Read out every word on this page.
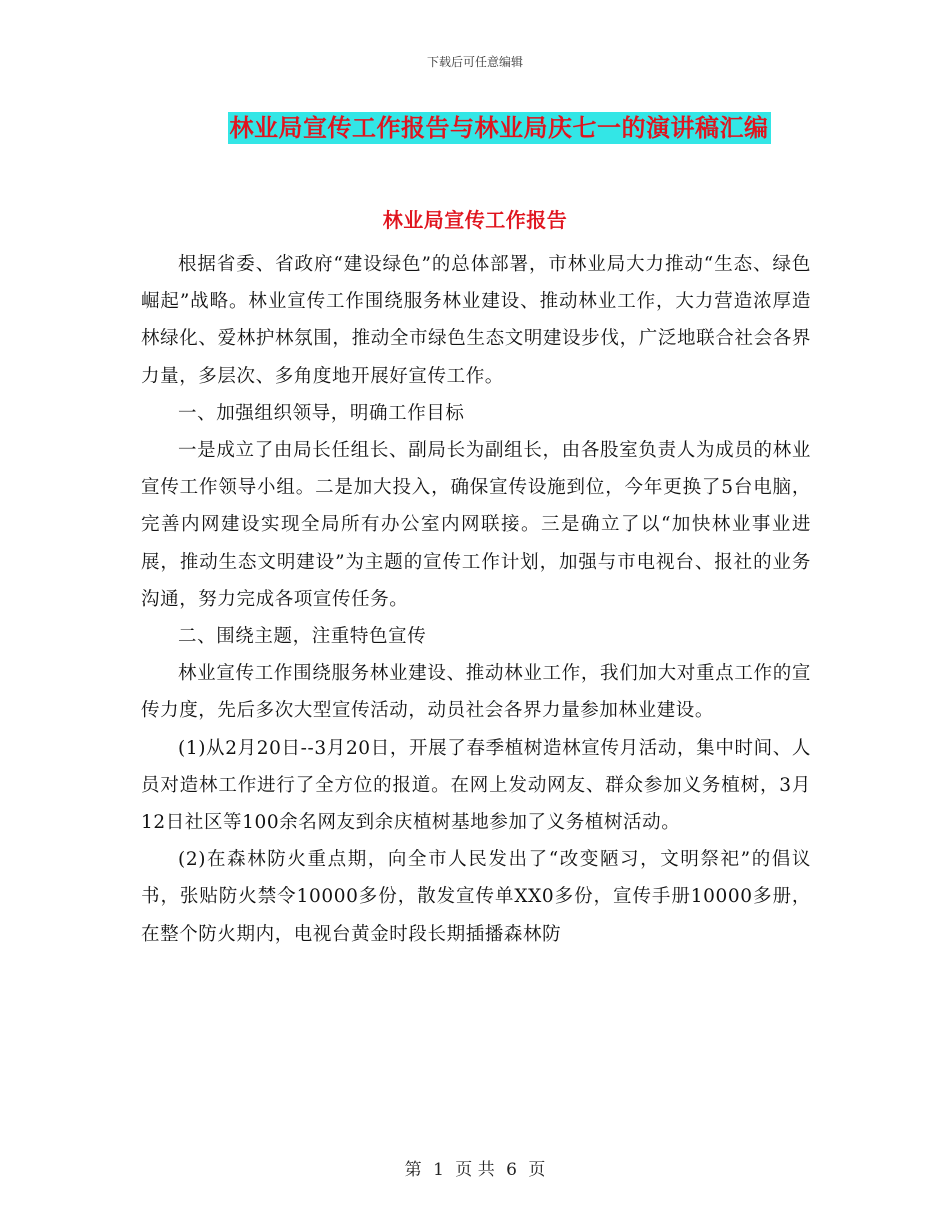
下载后可任意编辑
林业局宣传工作报告与林业局庆七一的演讲稿汇编
林业局宣传工作报告

根据省委、省政府“建设绿色”的总体部署，市林业局大力推动“生态、绿色崛起”战略。林业宣传工作围绕服务林业建设、推动林业工作，大力营造浓厚造林绿化、爱林护林氛围，推动全市绿色生态文明建设步伐，广泛地联合社会各界力量，多层次、多角度地开展好宣传工作。

一、加强组织领导，明确工作目标

一是成立了由局长任组长、副局长为副组长，由各股室负责人为成员的林业宣传工作领导小组。二是加大投入，确保宣传设施到位，今年更换了5台电脑，完善内网建设实现全局所有办公室内网联接。三是确立了以“加快林业事业进展，推动生态文明建设”为主题的宣传工作计划，加强与市电视台、报社的业务沟通，努力完成各项宣传任务。

二、围绕主题，注重特色宣传

林业宣传工作围绕服务林业建设、推动林业工作，我们加大对重点工作的宣传力度，先后多次大型宣传活动，动员社会各界力量参加林业建设。

(1)从2月20日--3月20日，开展了春季植树造林宣传月活动，集中时间、人员对造林工作进行了全方位的报道。在网上发动网友、群众参加义务植树，3月12日社区等100余名网友到余庆植树基地参加了义务植树活动。

(2)在森林防火重点期，向全市人民发出了“改变陋习，文明祭祀”的倡议书，张贴防火禁令10000多份，散发宣传单XX0多份，宣传手册10000多册，在整个防火期内，电视台黄金时段长期插播森林防

第 1 页 共 6 页
